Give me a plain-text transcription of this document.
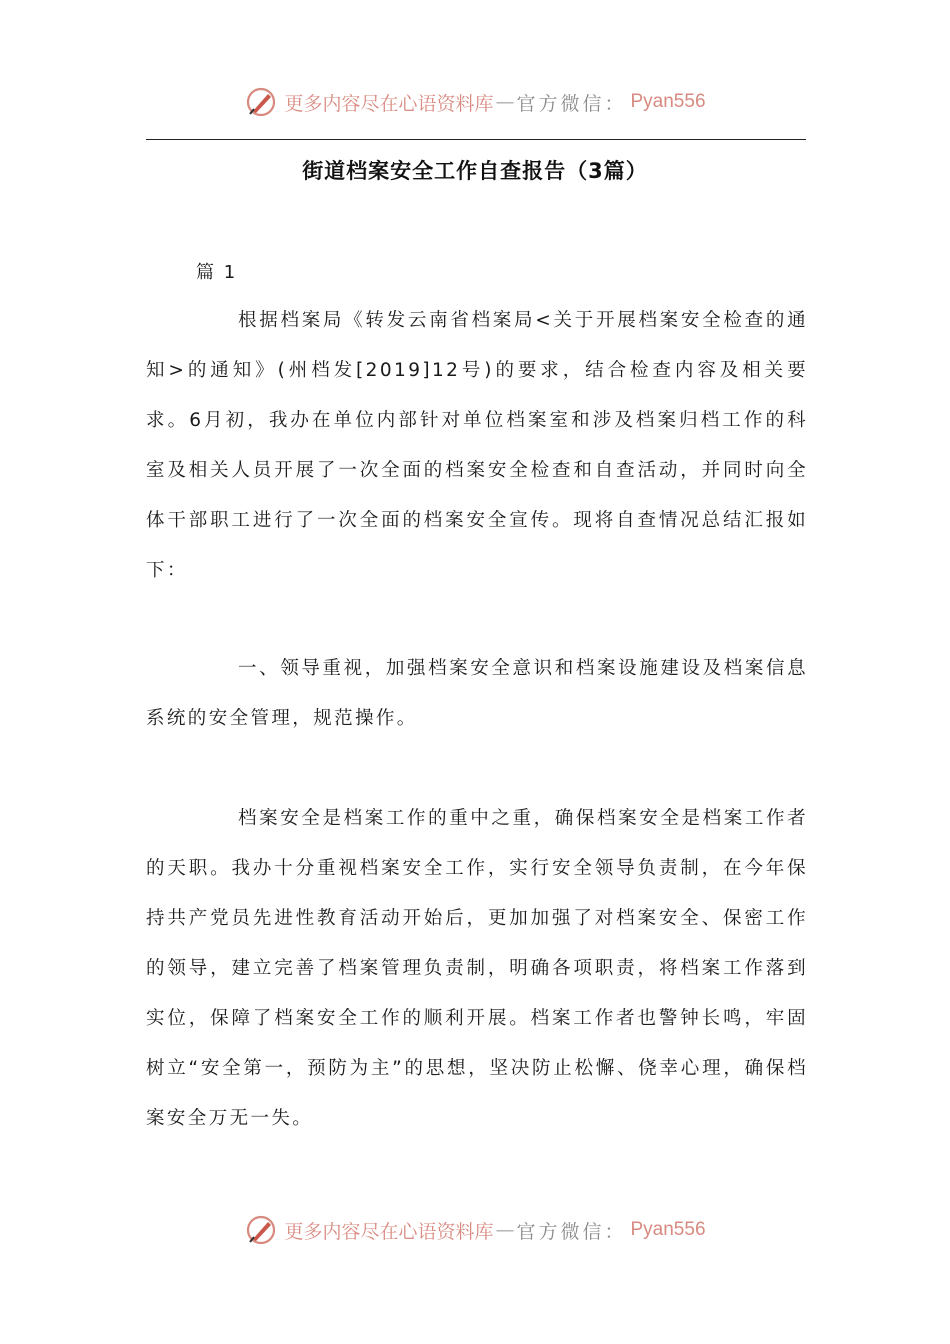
更多内容尽在心语资料库 — 官方微信： Pyan556
街道档案安全工作自查报告（3篇）
篇 1

根据档案局《转发云南省档案局<关于开展档案安全检查的通知>的通知》(州档发[2019]12号)的要求，结合检查内容及相关要求。6月初，我办在单位内部针对单位档案室和涉及档案归档工作的科室及相关人员开展了一次全面的档案安全检查和自查活动，并同时向全体干部职工进行了一次全面的档案安全宣传。现将自查情况总结汇报如下：

一、领导重视，加强档案安全意识和档案设施建设及档案信息系统的安全管理，规范操作。

档案安全是档案工作的重中之重，确保档案安全是档案工作者的天职。我办十分重视档案安全工作，实行安全领导负责制，在今年保持共产党员先进性教育活动开始后，更加加强了对档案安全、保密工作的领导，建立完善了档案管理负责制，明确各项职责，将档案工作落到实位，保障了档案安全工作的顺利开展。档案工作者也警钟长鸣，牢固树立“安全第一，预防为主”的思想，坚决防止松懈、侥幸心理，确保档案安全万无一失。

更多内容尽在心语资料库 — 官方微信： Pyan556
